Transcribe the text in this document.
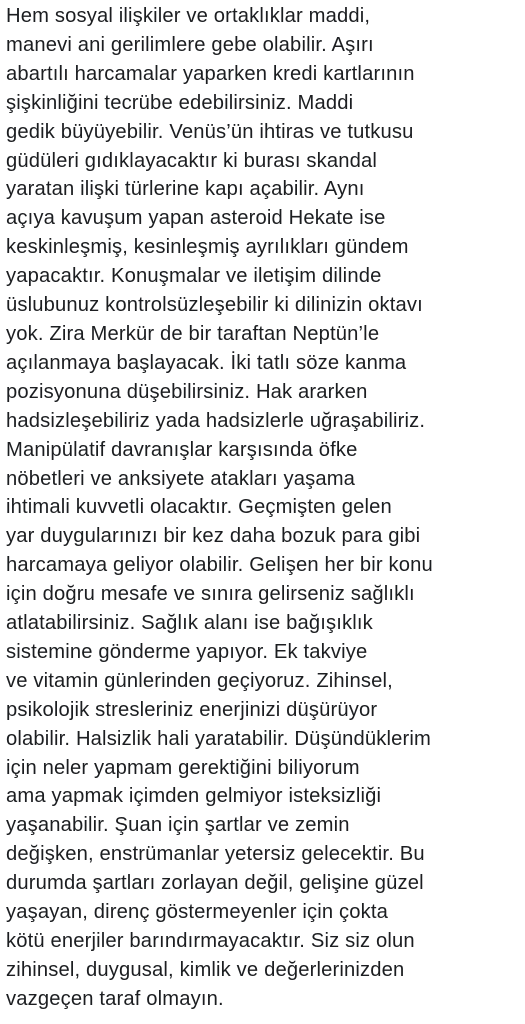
Hem sosyal ilişkiler ve ortaklıklar maddi,
manevi ani gerilimlere gebe olabilir. Aşırı
abartılı harcamalar yaparken kredi kartlarının
şişkinliğini tecrübe edebilirsiniz. Maddi
gedik büyüyebilir. Venüs’ün ihtiras ve tutkusu
güdüleri gıdıklayacaktır ki burası skandal
yaratan ilişki türlerine kapı açabilir. Aynı
açıya kavuşum yapan asteroid Hekate ise
keskinleşmiş, kesinleşmiş ayrılıkları gündem
yapacaktır. Konuşmalar ve iletişim dilinde
üslubunuz kontrolsüzleşebilir ki dilinizin oktavı
yok. Zira Merkür de bir taraftan Neptün’le
açılanmaya başlayacak. İki tatlı söze kanma
pozisyonuna düşebilirsiniz. Hak ararken
hadsizleşebiliriz yada hadsizlerle uğraşabiliriz.
Manipülatif davranışlar karşısında öfke
nöbetleri ve anksiyete atakları yaşama
ihtimali kuvvetli olacaktır. Geçmişten gelen
yar duygularınızı bir kez daha bozuk para gibi
harcamaya geliyor olabilir. Gelişen her bir konu
için doğru mesafe ve sınıra gelirseniz sağlıklı
atlatabilirsiniz. Sağlık alanı ise bağışıklık
sistemine gönderme yapıyor. Ek takviye
ve vitamin günlerinden geçiyoruz. Zihinsel,
psikolojik stresleriniz enerjinizi düşürüyor
olabilir. Halsizlik hali yaratabilir. Düşündüklerim
için neler yapmam gerektiğini biliyorum
ama yapmak içimden gelmiyor isteksizliği
yaşanabilir. Şuan için şartlar ve zemin
değişken, enstrümanlar yetersiz gelecektir. Bu
durumda şartları zorlayan değil, gelişine güzel
yaşayan, direnç göstermeyenler için çokta
kötü enerjiler barındırmayacaktır. Siz siz olun
zihinsel, duygusal, kimlik ve değerlerinizden
vazgeçen taraf olmayın.
